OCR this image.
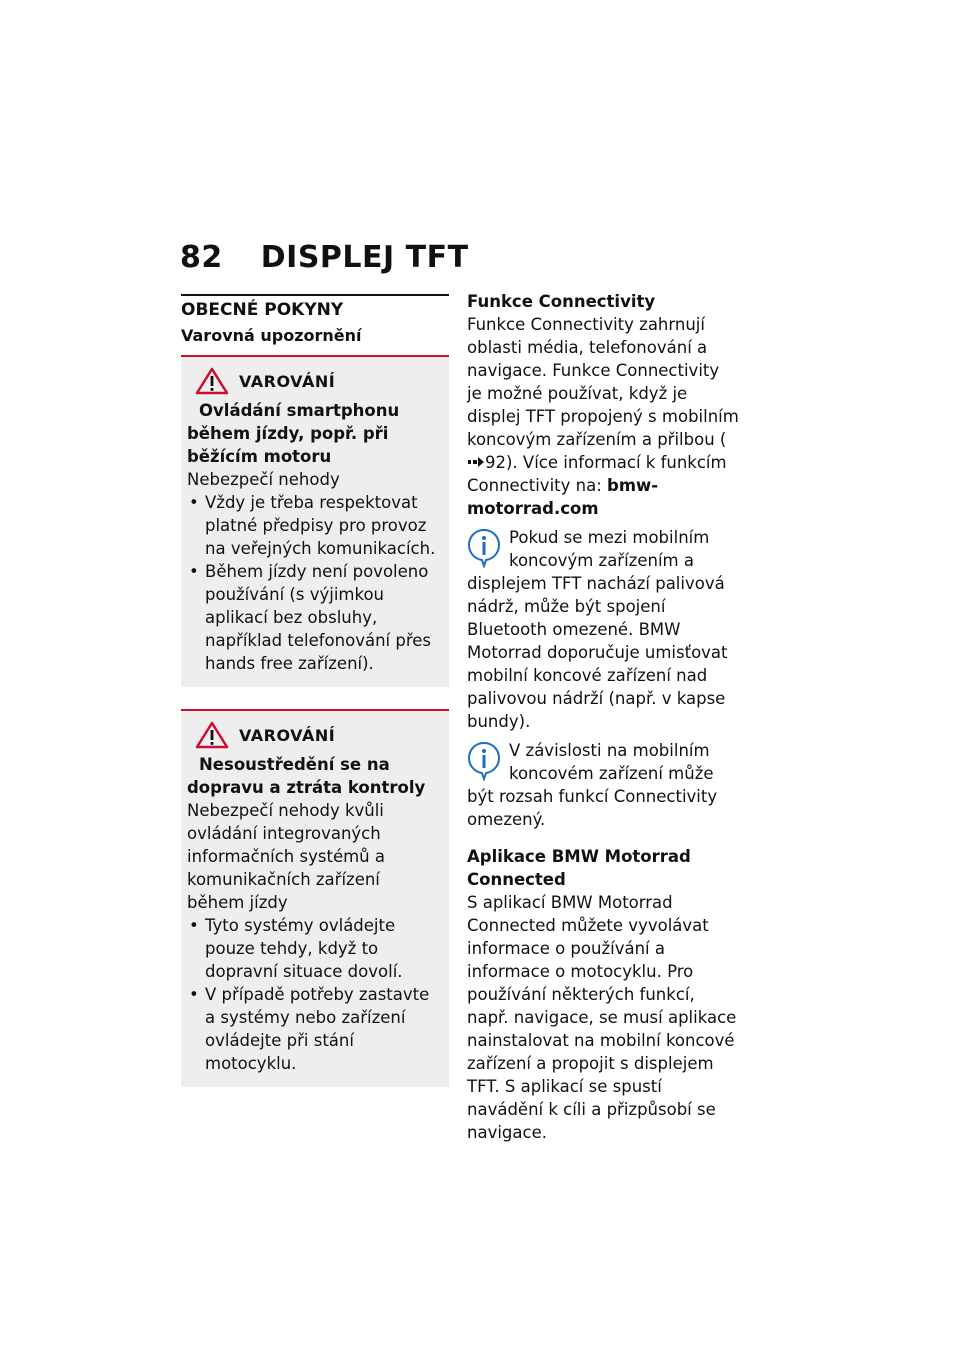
82 DISPLEJ TFT
OBECNÉ POKYNY
Varovná upozornění
VAROVÁNÍ

Ovládání smartphonu během jízdy, popř. při běžícím motoru

Nebezpečí nehody

• Vždy je třeba respektovat platné předpisy pro provoz na veřejných komunikacích.
• Během jízdy není povoleno používání (s výjimkou aplikací bez obsluhy, například telefonování přes hands free zařízení).
VAROVÁNÍ

Nesoustředění se na dopravu a ztráta kontroly

Nebezpečí nehody kvůli ovládání integrovaných informačních systémů a komunikačních zařízení během jízdy

• Tyto systémy ovládejte pouze tehdy, když to dopravní situace dovolí.
• V případě potřeby zastavte a systémy nebo zařízení ovládejte při stání motocyklu.

Funkce Connectivity

Funkce Connectivity zahrnují oblasti média, telefonování a navigace. Funkce Connectivity je možné používat, když je displej TFT propojený s mobilním koncovým zařízením a přilbou (92). Více informací k funkcím Connectivity na: bmw-motorrad.com

Pokud se mezi mobilním koncovým zařízením a displejem TFT nachází palivová nádrž, může být spojení Bluetooth omezené. BMW Motorrad doporučuje umisťovat mobilní koncové zařízení nad palivovou nádrží (např. v kapse bundy).
V závislosti na mobilním koncovém zařízení může být rozsah funkcí Connectivity omezený.

Aplikace BMW Motorrad Connected

S aplikací BMW Motorrad Connected můžete vyvolávat informace o používání a informace o motocyklu. Pro používání některých funkcí, např. navigace, se musí aplikace nainstalovat na mobilní koncové zařízení a propojit s displejem TFT. S aplikací se spustí navádění k cíli a přizpůsobí se navigace.
